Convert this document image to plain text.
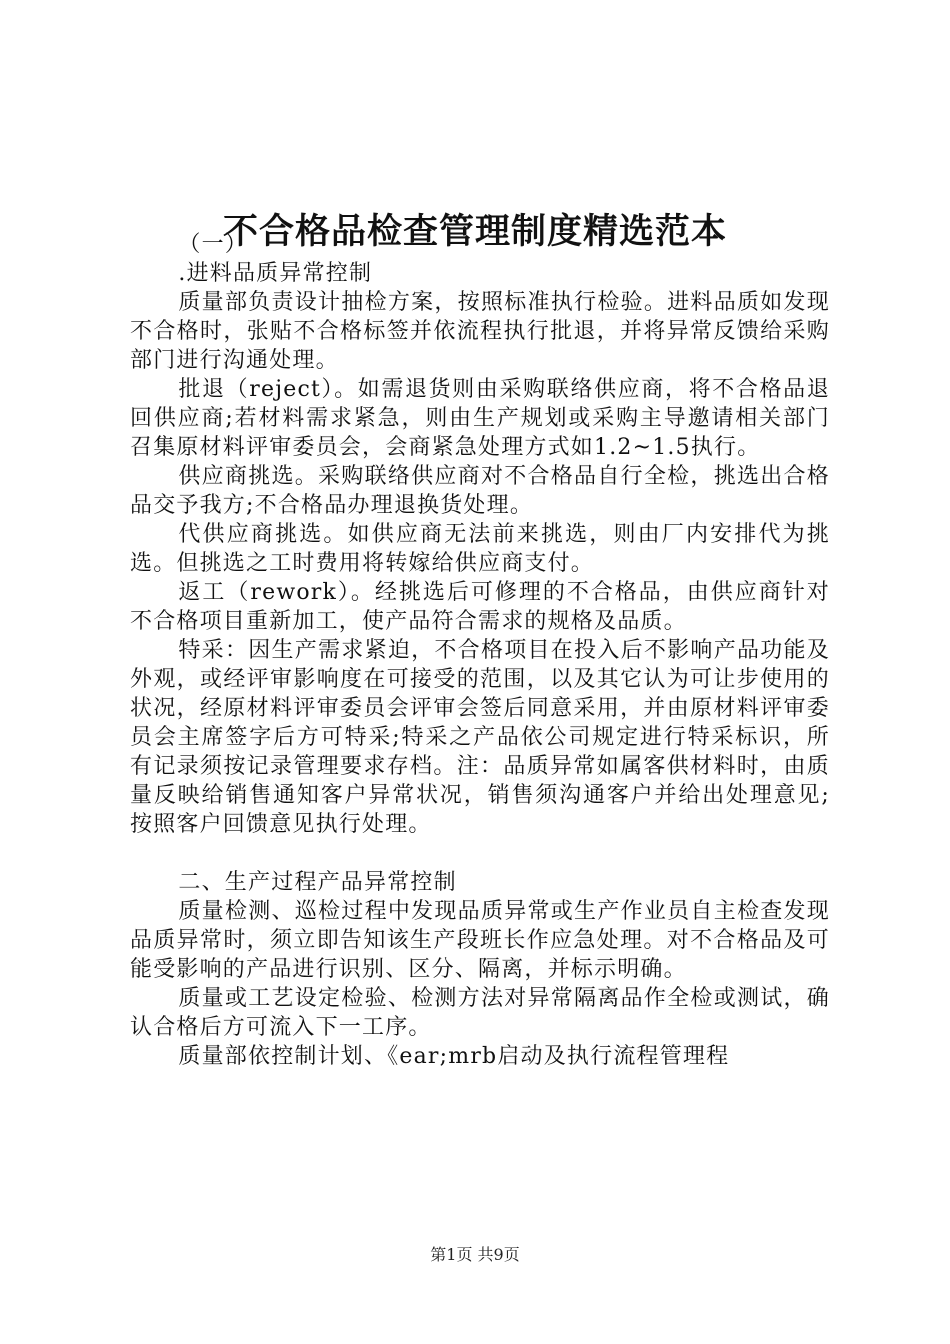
不合格品检查管理制度精选范本

（一）

.进料品质异常控制

质量部负责设计抽检方案，按照标准执行检验。进料品质如发现不合格时，张贴不合格标签并依流程执行批退，并将异常反馈给采购部门进行沟通处理。

批退（reject）。如需退货则由采购联络供应商，将不合格品退回供应商;若材料需求紧急，则由生产规划或采购主导邀请相关部门召集原材料评审委员会，会商紧急处理方式如1.2~1.5执行。

供应商挑选。采购联络供应商对不合格品自行全检，挑选出合格品交予我方;不合格品办理退换货处理。

代供应商挑选。如供应商无法前来挑选，则由厂内安排代为挑选。但挑选之工时费用将转嫁给供应商支付。

返工（rework）。经挑选后可修理的不合格品，由供应商针对不合格项目重新加工，使产品符合需求的规格及品质。

特采：因生产需求紧迫，不合格项目在投入后不影响产品功能及外观，或经评审影响度在可接受的范围，以及其它认为可让步使用的状况，经原材料评审委员会评审会签后同意采用，并由原材料评审委员会主席签字后方可特采;特采之产品依公司规定进行特采标识，所有记录须按记录管理要求存档。注：品质异常如属客供材料时，由质量反映给销售通知客户异常状况，销售须沟通客户并给出处理意见;按照客户回馈意见执行处理。

二、生产过程产品异常控制

质量检测、巡检过程中发现品质异常或生产作业员自主检查发现品质异常时，须立即告知该生产段班长作应急处理。对不合格品及可能受影响的产品进行识别、区分、隔离，并标示明确。

质量或工艺设定检验、检测方法对异常隔离品作全检或测试，确认合格后方可流入下一工序。

质量部依控制计划、《ear;mrb启动及执行流程管理程

第1页 共9页
